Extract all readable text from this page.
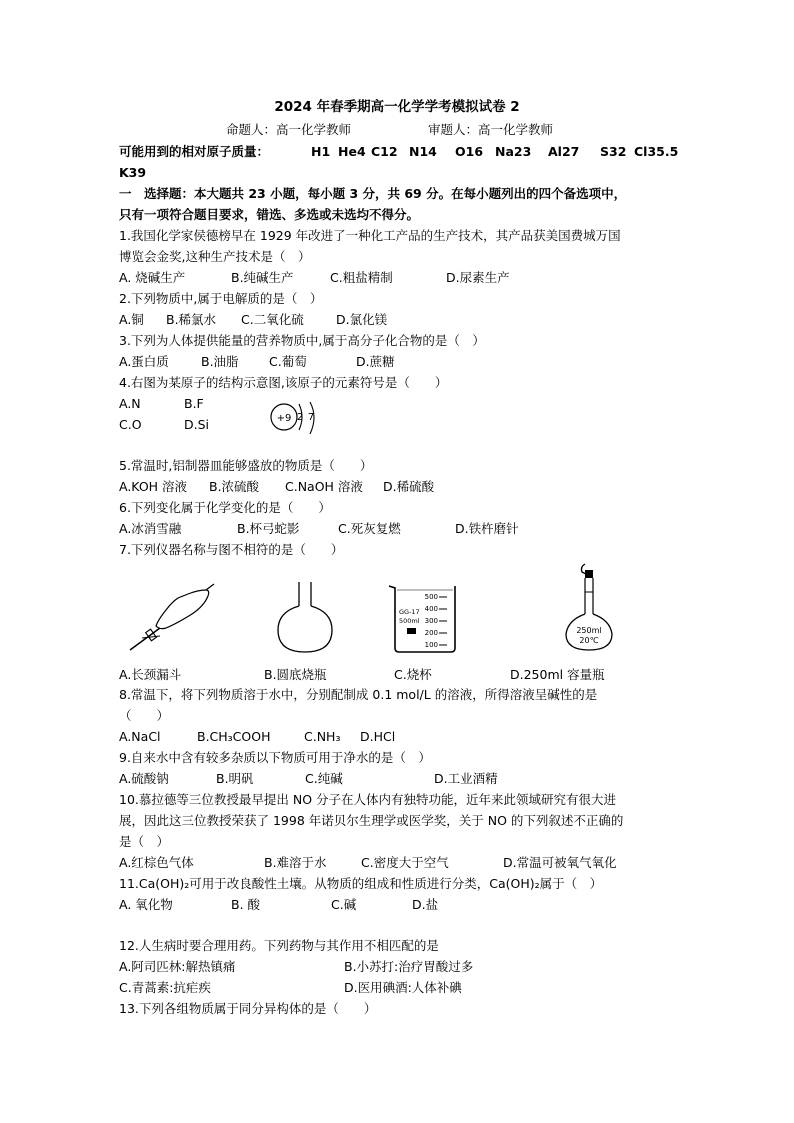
2024 年春季期高一化学学考模拟试卷 2
命题人：高一化学教师	审题人：高一化学教师
可能用到的相对原子质量：	H1 He4 C12 N14 O16 Na23 Al27 S32 Cl35.5
K39
一　选择题：本大题共 23 小题，每小题 3 分，共 69 分。在每小题列出的四个备选项中，
只有一项符合题目要求，错选、多选或未选均不得分。
1.我国化学家侯德榜早在 1929 年改进了一种化工产品的生产技术，其产品获美国费城万国
博览会金奖,这种生产技术是（　）
A. 烧碱生产	B.纯碱生产	C.粗盐精制	D.尿素生产
2.下列物质中,属于电解质的是（　）
A.铜 B.稀氯水 C.二氧化硫	D.氯化镁
3.下列为人体提供能量的营养物质中,属于高分子化合物的是（　）
A.蛋白质	B.油脂 C.葡萄	D.蔗糖
4.右图为某原子的结构示意图,该原子的元素符号是（　　）
A.N	B.F
C.O	D.Si	+9 2 7
5.常温时,铝制器皿能够盛放的物质是（　　）
A.KOH 溶液 B.浓硫酸 C.NaOH 溶液 D.稀硫酸
6.下列变化属于化学变化的是（　　）
A.冰消雪融	B.杯弓蛇影	C.死灰复燃	D.铁杵磨针
7.下列仪器名称与图不相符的是（　　）
500
400
300
200
100
GG-17
500ml
250ml
20℃
A.长颈漏斗	B.圆底烧瓶	C.烧杯	D.250ml 容量瓶
8.常温下，将下列物质溶于水中，分别配制成 0.1 mol/L 的溶液，所得溶液呈碱性的是
（　　）
A.NaCl	B.CH₃COOH	C.NH₃ D.HCl
9.自来水中含有较多杂质以下物质可用于净水的是（　）
A.硫酸钠	B.明矾	C.纯碱	D.工业酒精
10.慕拉德等三位教授最早提出 NO 分子在人体内有独特功能，近年来此领域研究有很大进
展，因此这三位教授荣获了 1998 年诺贝尔生理学或医学奖，关于 NO 的下列叙述不正确的
是（　）
A.红棕色气体	B.难溶于水	C.密度大于空气	D.常温可被氧气氧化
11.Ca(OH)₂可用于改良酸性土壤。从物质的组成和性质进行分类，Ca(OH)₂属于（　）
A. 氧化物	B. 酸	C.碱	D.盐
12.人生病时要合理用药。下列药物与其作用不相匹配的是
A.阿司匹林:解热镇痛	B.小苏打:治疗胃酸过多
C.青蒿素:抗疟疾	D.医用碘酒:人体补碘
13.下列各组物质属于同分异构体的是（　　）
